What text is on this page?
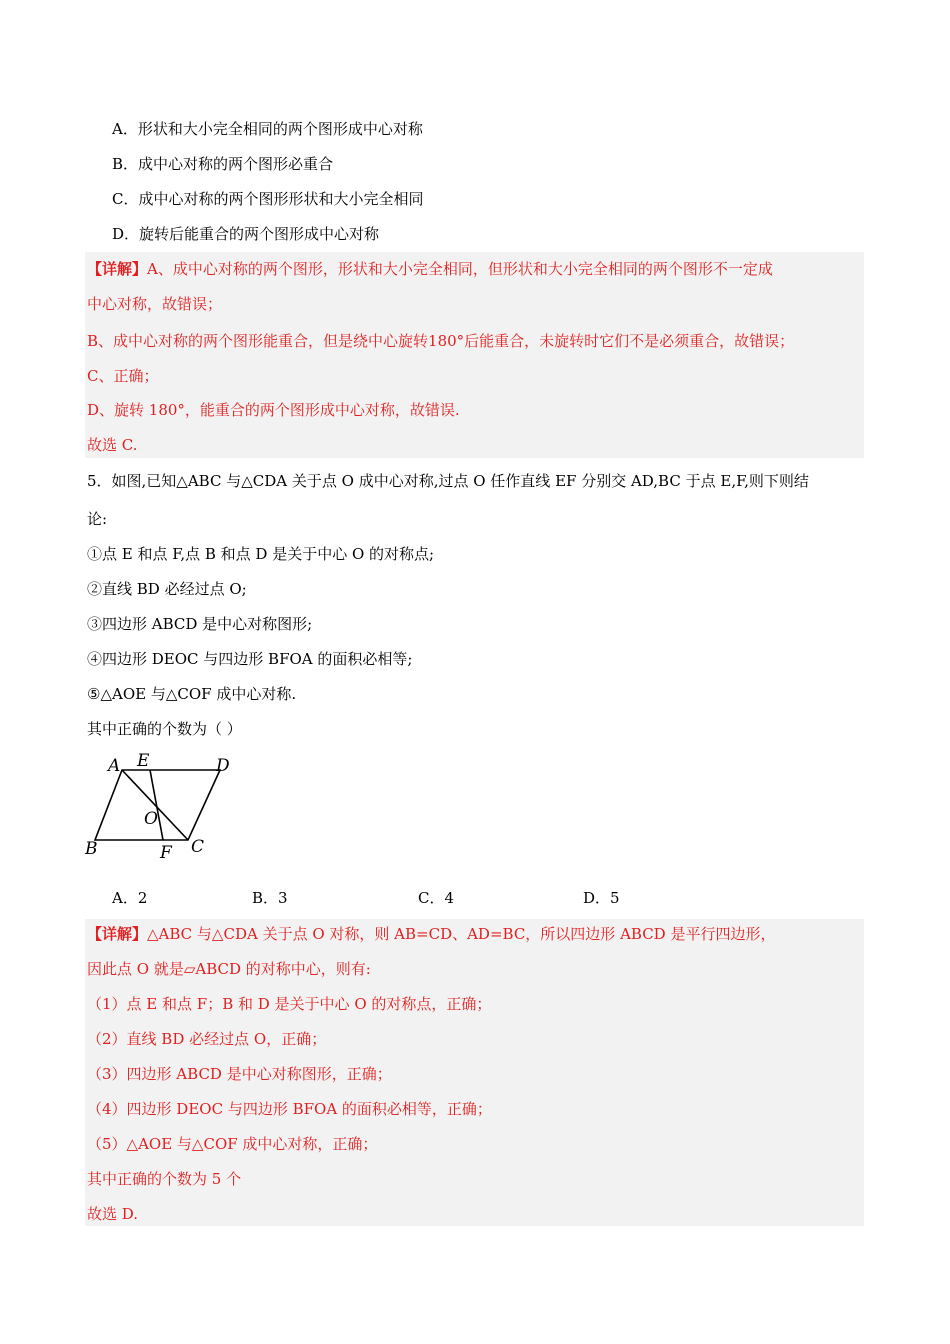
A．形状和大小完全相同的两个图形成中心对称
B．成中心对称的两个图形必重合
C．成中心对称的两个图形形状和大小完全相同
D．旋转后能重合的两个图形成中心对称
【详解】A、成中心对称的两个图形，形状和大小完全相同，但形状和大小完全相同的两个图形不一定成
中心对称，故错误；
B、成中心对称的两个图形能重合，但是绕中心旋转180°后能重合，未旋转时它们不是必须重合，故错误；
C、正确；
D、旋转 180°，能重合的两个图形成中心对称，故错误.
故选 C.
5．如图,已知△ABC 与△CDA 关于点 O 成中心对称,过点 O 任作直线 EF 分别交 AD,BC 于点 E,F,则下则结
论:
①点 E 和点 F,点 B 和点 D 是关于中心 O 的对称点;
②直线 BD 必经过点 O;
③四边形 ABCD 是中心对称图形;
④四边形 DEOC 与四边形 BFOA 的面积必相等;
⑤△AOE 与△COF 成中心对称.
其中正确的个数为（ ）
A E	D
O
B	F C
A．2	B．3	C．4	D．5
【详解】△ABC 与△CDA 关于点 O 对称，则 AB=CD、AD=BC，所以四边形 ABCD 是平行四边形，
因此点 O 就是▱ABCD 的对称中心，则有:
（1）点 E 和点 F；B 和 D 是关于中心 O 的对称点，正确；
（2）直线 BD 必经过点 O，正确；
（3）四边形 ABCD 是中心对称图形，正确；
（4）四边形 DEOC 与四边形 BFOA 的面积必相等，正确；
（5）△AOE 与△COF 成中心对称，正确；
其中正确的个数为 5 个
故选 D.
